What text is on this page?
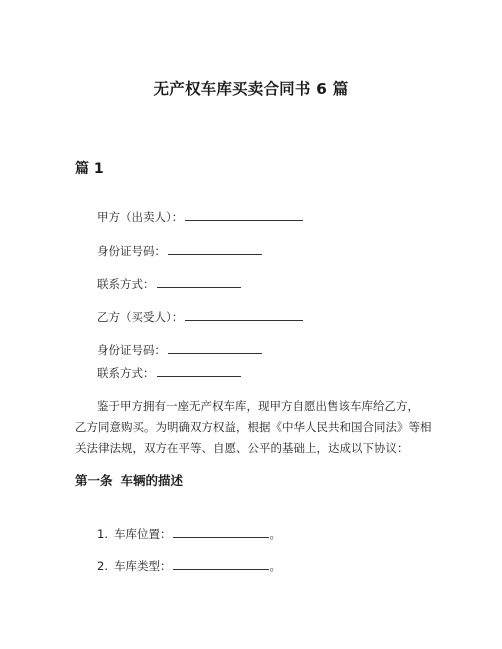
无产权车库买卖合同书 6 篇
篇 1
甲方（出卖人）：
身份证号码：
联系方式：
乙方（买受人）：
身份证号码：
联系方式：
鉴于甲方拥有一座无产权车库，现甲方自愿出售该车库给乙方，
乙方同意购买。为明确双方权益，根据《中华人民共和国合同法》等相
关法律法规，双方在平等、自愿、公平的基础上，达成以下协议：
第一条 车辆的描述
1. 车库位置：	。
2. 车库类型：	。
